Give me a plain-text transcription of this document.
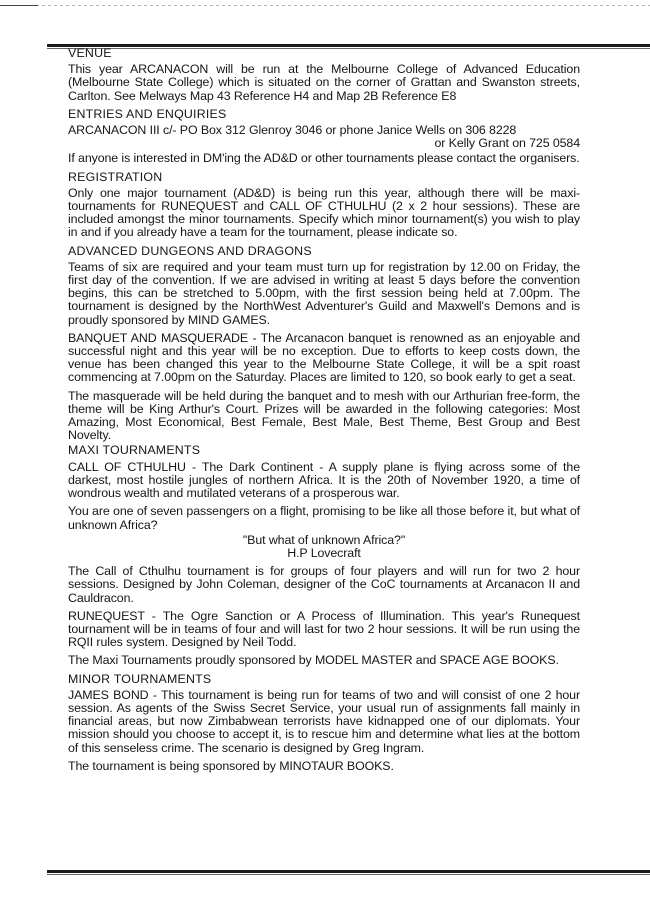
VENUE
This year ARCANACON will be run at the Melbourne College of Advanced Education (Melbourne State College) which is situated on the corner of Grattan and Swanston streets, Carlton. See Melways Map 43 Reference H4 and Map 2B Reference E8
ENTRIES AND ENQUIRIES
ARCANACON III c/- PO Box 312 Glenroy 3046 or phone Janice Wells on 306 8228
or Kelly Grant on 725 0584
If anyone is interested in DM'ing the AD&D or other tournaments please contact the organisers.
REGISTRATION
Only one major tournament (AD&D) is being run this year, although there will be maxi-tournaments for RUNEQUEST and CALL OF CTHULHU (2 x 2 hour sessions). These are included amongst the minor tournaments. Specify which minor tournament(s) you wish to play in and if you already have a team for the tournament, please indicate so.
ADVANCED DUNGEONS AND DRAGONS
Teams of six are required and your team must turn up for registration by 12.00 on Friday, the first day of the convention. If we are advised in writing at least 5 days before the convention begins, this can be stretched to 5.00pm, with the first session being held at 7.00pm. The tournament is designed by the NorthWest Adventurer's Guild and Maxwell's Demons and is proudly sponsored by MIND GAMES.
BANQUET AND MASQUERADE - The Arcanacon banquet is renowned as an enjoyable and successful night and this year will be no exception. Due to efforts to keep costs down, the venue has been changed this year to the Melbourne State College, it will be a spit roast commencing at 7.00pm on the Saturday. Places are limited to 120, so book early to get a seat.
The masquerade will be held during the banquet and to mesh with our Arthurian free-form, the theme will be King Arthur's Court. Prizes will be awarded in the following categories: Most Amazing, Most Economical, Best Female, Best Male, Best Theme, Best Group and Best Novelty.
MAXI TOURNAMENTS
CALL OF CTHULHU - The Dark Continent - A supply plane is flying across some of the darkest, most hostile jungles of northern Africa. It is the 20th of November 1920, a time of wondrous wealth and mutilated veterans of a prosperous war.
You are one of seven passengers on a flight, promising to be like all those before it, but what of unknown Africa?
"But what of unknown Africa?"
H.P Lovecraft
The Call of Cthulhu tournament is for groups of four players and will run for two 2 hour sessions. Designed by John Coleman, designer of the CoC tournaments at Arcanacon II and Cauldracon.
RUNEQUEST - The Ogre Sanction or A Process of Illumination. This year's Runequest tournament will be in teams of four and will last for two 2 hour sessions. It will be run using the RQII rules system. Designed by Neil Todd.
The Maxi Tournaments proudly sponsored by MODEL MASTER and SPACE AGE BOOKS.
MINOR TOURNAMENTS
JAMES BOND - This tournament is being run for teams of two and will consist of one 2 hour session. As agents of the Swiss Secret Service, your usual run of assignments fall mainly in financial areas, but now Zimbabwean terrorists have kidnapped one of our diplomats. Your mission should you choose to accept it, is to rescue him and determine what lies at the bottom of this senseless crime. The scenario is designed by Greg Ingram.
The tournament is being sponsored by MINOTAUR BOOKS.
